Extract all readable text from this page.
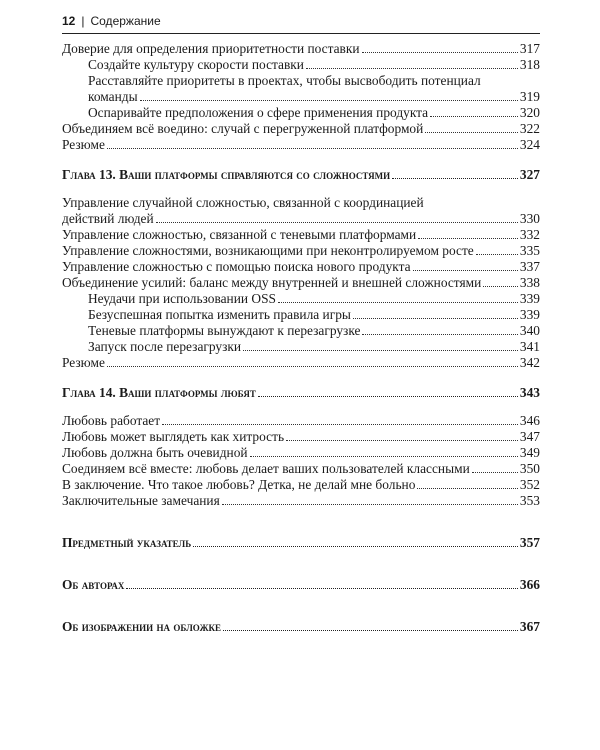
12 | Содержание
Доверие для определения приоритетности поставки	317
Создайте культуру скорости поставки	318
Расставляйте приоритеты в проектах, чтобы высвободить потенциал
команды	319
Оспаривайте предположения о сфере применения продукта	320
Объединяем всё воедино: случай с перегруженной платформой	322
Резюме	324
Глава 13. Ваши платформы справляются со сложностями	327
Управление случайной сложностью, связанной с координацией
действий людей	330
Управление сложностью, связанной с теневыми платформами	332
Управление сложностями, возникающими при неконтролируемом росте	335
Управление сложностью с помощью поиска нового продукта	337
Объединение усилий: баланс между внутренней и внешней сложностями	338
Неудачи при использовании OSS	339
Безуспешная попытка изменить правила игры	339
Теневые платформы вынуждают к перезагрузке	340
Запуск после перезагрузки	341
Резюме	342
Глава 14. Ваши платформы любят	343
Любовь работает	346
Любовь может выглядеть как хитрость	347
Любовь должна быть очевидной	349
Соединяем всё вместе: любовь делает ваших пользователей классными	350
В заключение. Что такое любовь? Детка, не делай мне больно	352
Заключительные замечания	353
Предметный указатель	357
Об авторах	366
Об изображении на обложке	367
